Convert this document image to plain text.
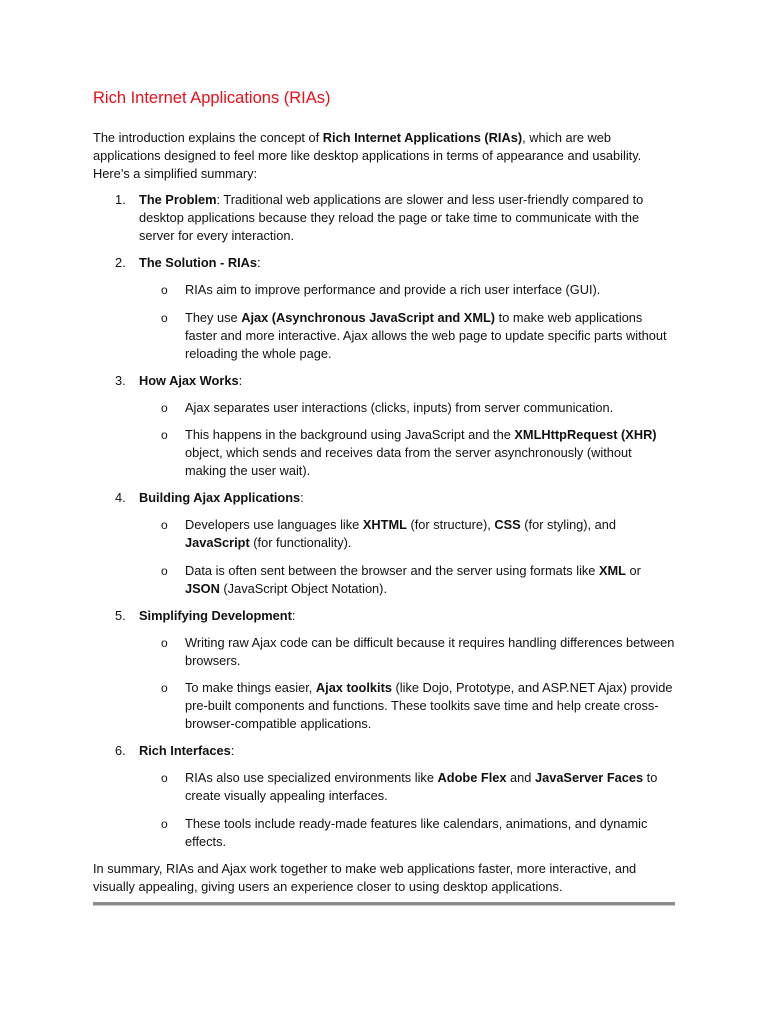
Rich Internet Applications (RIAs)

The introduction explains the concept of Rich Internet Applications (RIAs), which are web applications designed to feel more like desktop applications in terms of appearance and usability. Here’s a simplified summary:

1. The Problem: Traditional web applications are slower and less user-friendly compared to desktop applications because they reload the page or take time to communicate with the server for every interaction.
2. The Solution - RIAs:
o RIAs aim to improve performance and provide a rich user interface (GUI).
o They use Ajax (Asynchronous JavaScript and XML) to make web applications faster and more interactive. Ajax allows the web page to update specific parts without reloading the whole page.
3. How Ajax Works:
o Ajax separates user interactions (clicks, inputs) from server communication.
o This happens in the background using JavaScript and the XMLHttpRequest (XHR) object, which sends and receives data from the server asynchronously (without making the user wait).
4. Building Ajax Applications:
o Developers use languages like XHTML (for structure), CSS (for styling), and JavaScript (for functionality).
o Data is often sent between the browser and the server using formats like XML or JSON (JavaScript Object Notation).
5. Simplifying Development:
o Writing raw Ajax code can be difficult because it requires handling differences between browsers.
o To make things easier, Ajax toolkits (like Dojo, Prototype, and ASP.NET Ajax) provide pre-built components and functions. These toolkits save time and help create cross-browser-compatible applications.
6. Rich Interfaces:
o RIAs also use specialized environments like Adobe Flex and JavaServer Faces to create visually appealing interfaces.
o These tools include ready-made features like calendars, animations, and dynamic effects.

In summary, RIAs and Ajax work together to make web applications faster, more interactive, and visually appealing, giving users an experience closer to using desktop applications.
